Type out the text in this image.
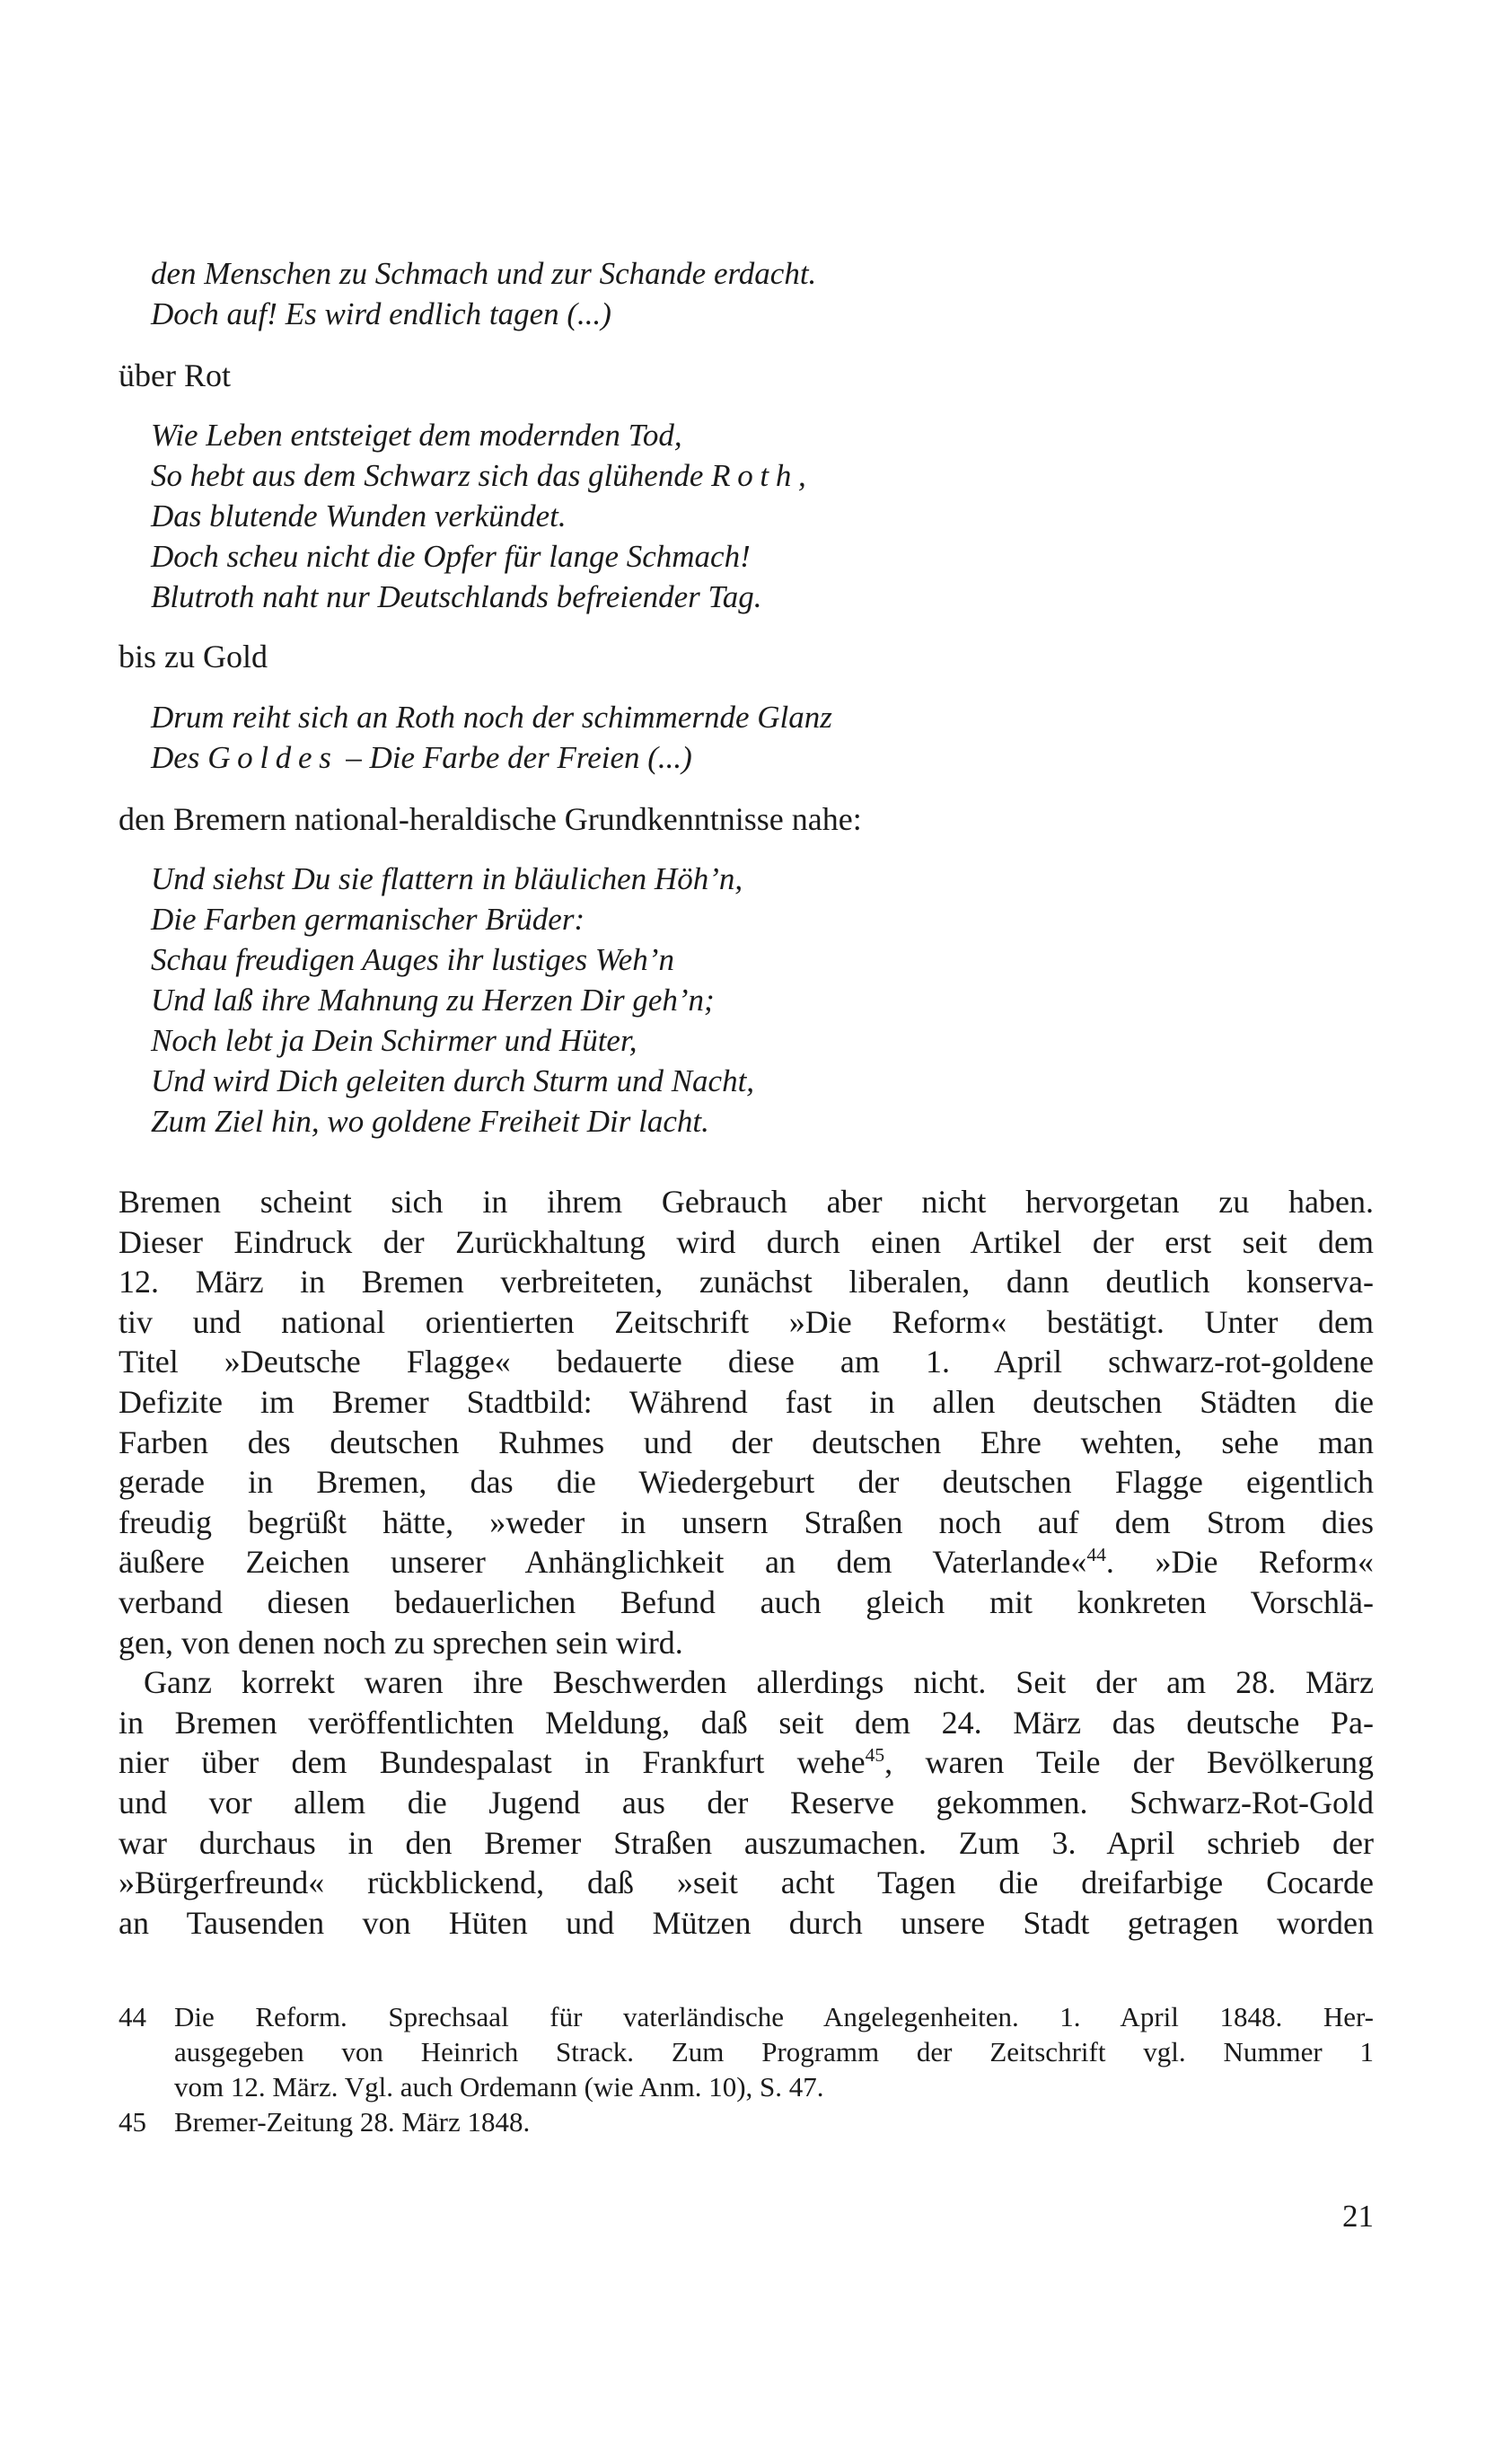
den Menschen zu Schmach und zur Schande erdacht.
Doch auf! Es wird endlich tagen (...)
über Rot
Wie Leben entsteiget dem modernden Tod,
So hebt aus dem Schwarz sich das glühende Roth,
Das blutende Wunden verkündet.
Doch scheu nicht die Opfer für lange Schmach!
Blutroth naht nur Deutschlands befreiender Tag.
bis zu Gold
Drum reiht sich an Roth noch der schimmernde Glanz
Des Goldes – Die Farbe der Freien (...)
den Bremern national-heraldische Grundkenntnisse nahe:
Und siehst Du sie flattern in bläulichen Höh’n,
Die Farben germanischer Brüder:
Schau freudigen Auges ihr lustiges Weh’n
Und laß ihre Mahnung zu Herzen Dir geh’n;
Noch lebt ja Dein Schirmer und Hüter,
Und wird Dich geleiten durch Sturm und Nacht,
Zum Ziel hin, wo goldene Freiheit Dir lacht.
Bremen scheint sich in ihrem Gebrauch aber nicht hervorgetan zu haben.
Dieser Eindruck der Zurückhaltung wird durch einen Artikel der erst seit dem
12. März in Bremen verbreiteten, zunächst liberalen, dann deutlich konserva-
tiv und national orientierten Zeitschrift »Die Reform« bestätigt. Unter dem
Titel »Deutsche Flagge« bedauerte diese am 1. April schwarz-rot-goldene
Defizite im Bremer Stadtbild: Während fast in allen deutschen Städten die
Farben des deutschen Ruhmes und der deutschen Ehre wehten, sehe man
gerade in Bremen, das die Wiedergeburt der deutschen Flagge eigentlich
freudig begrüßt hätte, »weder in unsern Straßen noch auf dem Strom dies
äußere Zeichen unserer Anhänglichkeit an dem Vaterlande«$^{44}$. »Die Reform«
verband diesen bedauerlichen Befund auch gleich mit konkreten Vorschlä-
gen, von denen noch zu sprechen sein wird.
Ganz korrekt waren ihre Beschwerden allerdings nicht. Seit der am 28. März
in Bremen veröffentlichten Meldung, daß seit dem 24. März das deutsche Pa-
nier über dem Bundespalast in Frankfurt wehe$^{45}$, waren Teile der Bevölkerung
und vor allem die Jugend aus der Reserve gekommen. Schwarz-Rot-Gold
war durchaus in den Bremer Straßen auszumachen. Zum 3. April schrieb der
»Bürgerfreund« rückblickend, daß »seit acht Tagen die dreifarbige Cocarde
an Tausenden von Hüten und Mützen durch unsere Stadt getragen worden
44	Die Reform. Sprechsaal für vaterländische Angelegenheiten. 1. April 1848. Her-
ausgegeben von Heinrich Strack. Zum Programm der Zeitschrift vgl. Nummer 1
vom 12. März. Vgl. auch Ordemann (wie Anm. 10), S. 47.
45	Bremer-Zeitung 28. März 1848.
21
